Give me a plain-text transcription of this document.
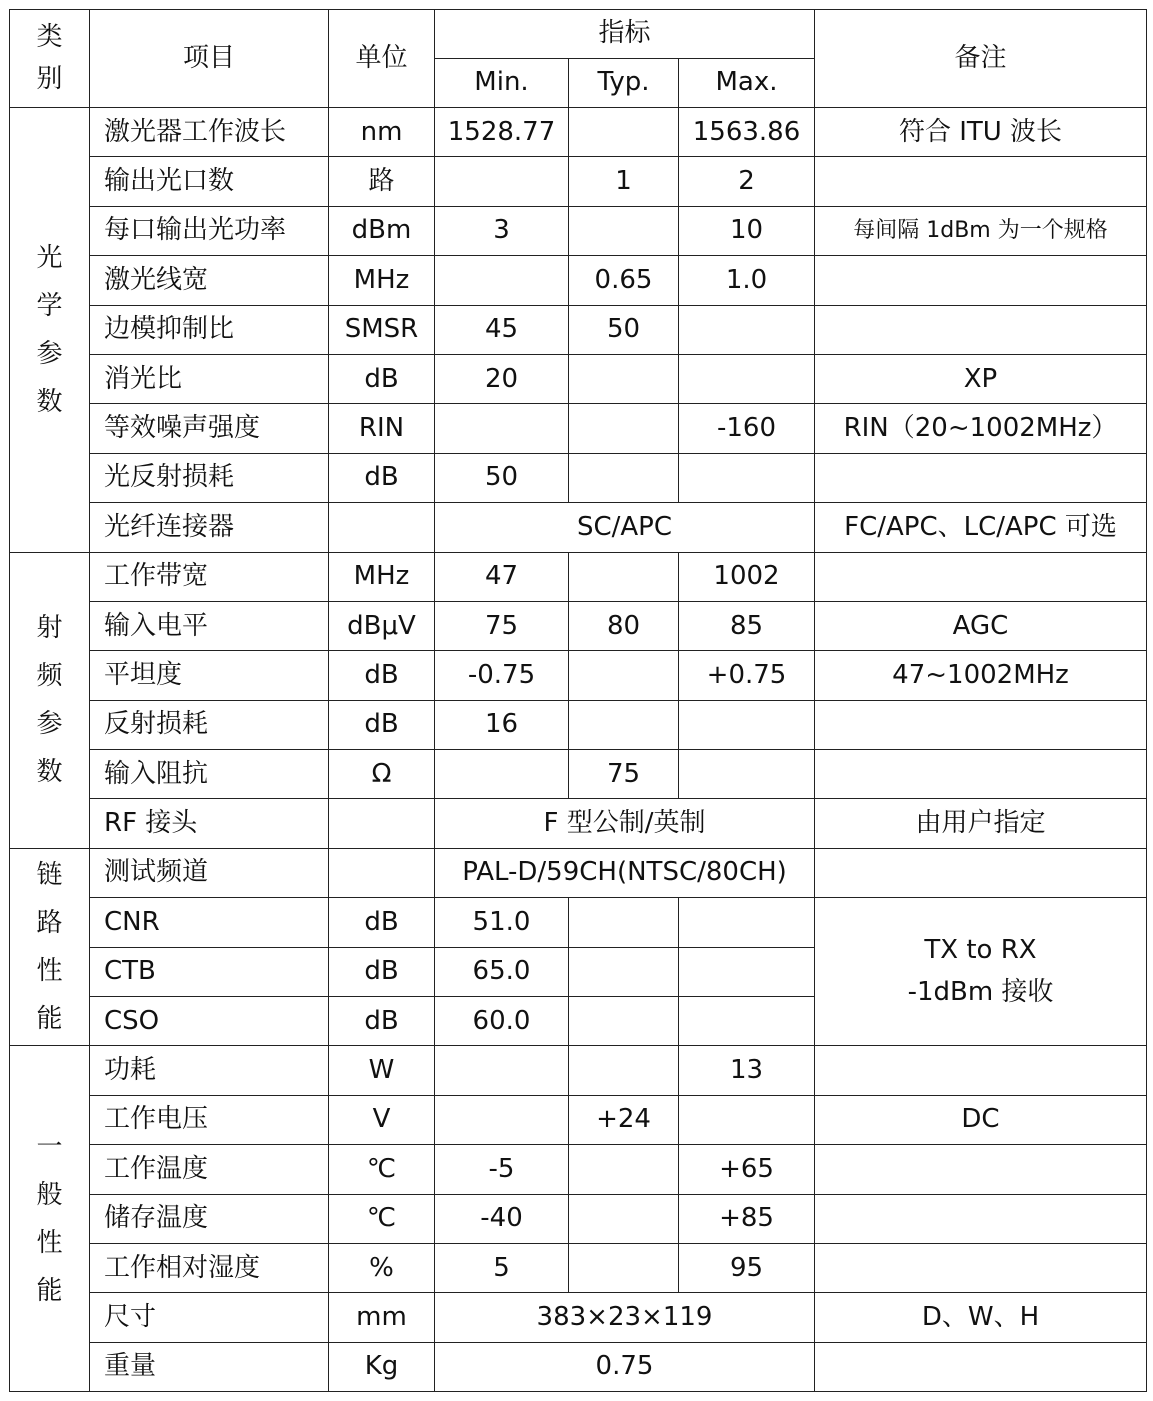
类别	项目	单位	指标			备注
			Min.	Typ.	Max.	
光学参数	激光器工作波长	nm	1528.77		1563.86	符合 ITU 波长
	输出光口数	路		1	2	
	每口输出光功率	dBm	3		10	每间隔 1dBm 为一个规格
	激光线宽	MHz		0.65	1.0	
	边模抑制比	SMSR	45	50		
	消光比	dB	20			XP
	等效噪声强度	RIN			-160	RIN（20~1002MHz）
	光反射损耗	dB	50			
	光纤连接器		SC/APC			FC/APC、LC/APC 可选
射频参数	工作带宽	MHz	47		1002	
	输入电平	dBμV	75	80	85	AGC
	平坦度	dB	-0.75		+0.75	47~1002MHz
	反射损耗	dB	16			
	输入阻抗	Ω		75		
	RF 接头		F 型公制/英制			由用户指定
链路性能	测试频道		PAL-D/59CH(NTSC/80CH)			
	CNR	dB	51.0			TX to RX
-1dBm 接收

	CTB	dB	65.0			
	CSO	dB	60.0			
一般性能	功耗	W			13	
	工作电压	V		+24		DC
	工作温度	℃	-5		+65	
	储存温度	℃	-40		+85	
	工作相对湿度	%	5		95	
	尺寸	mm	383×23×119			D、W、H
	重量	Kg	0.75			
